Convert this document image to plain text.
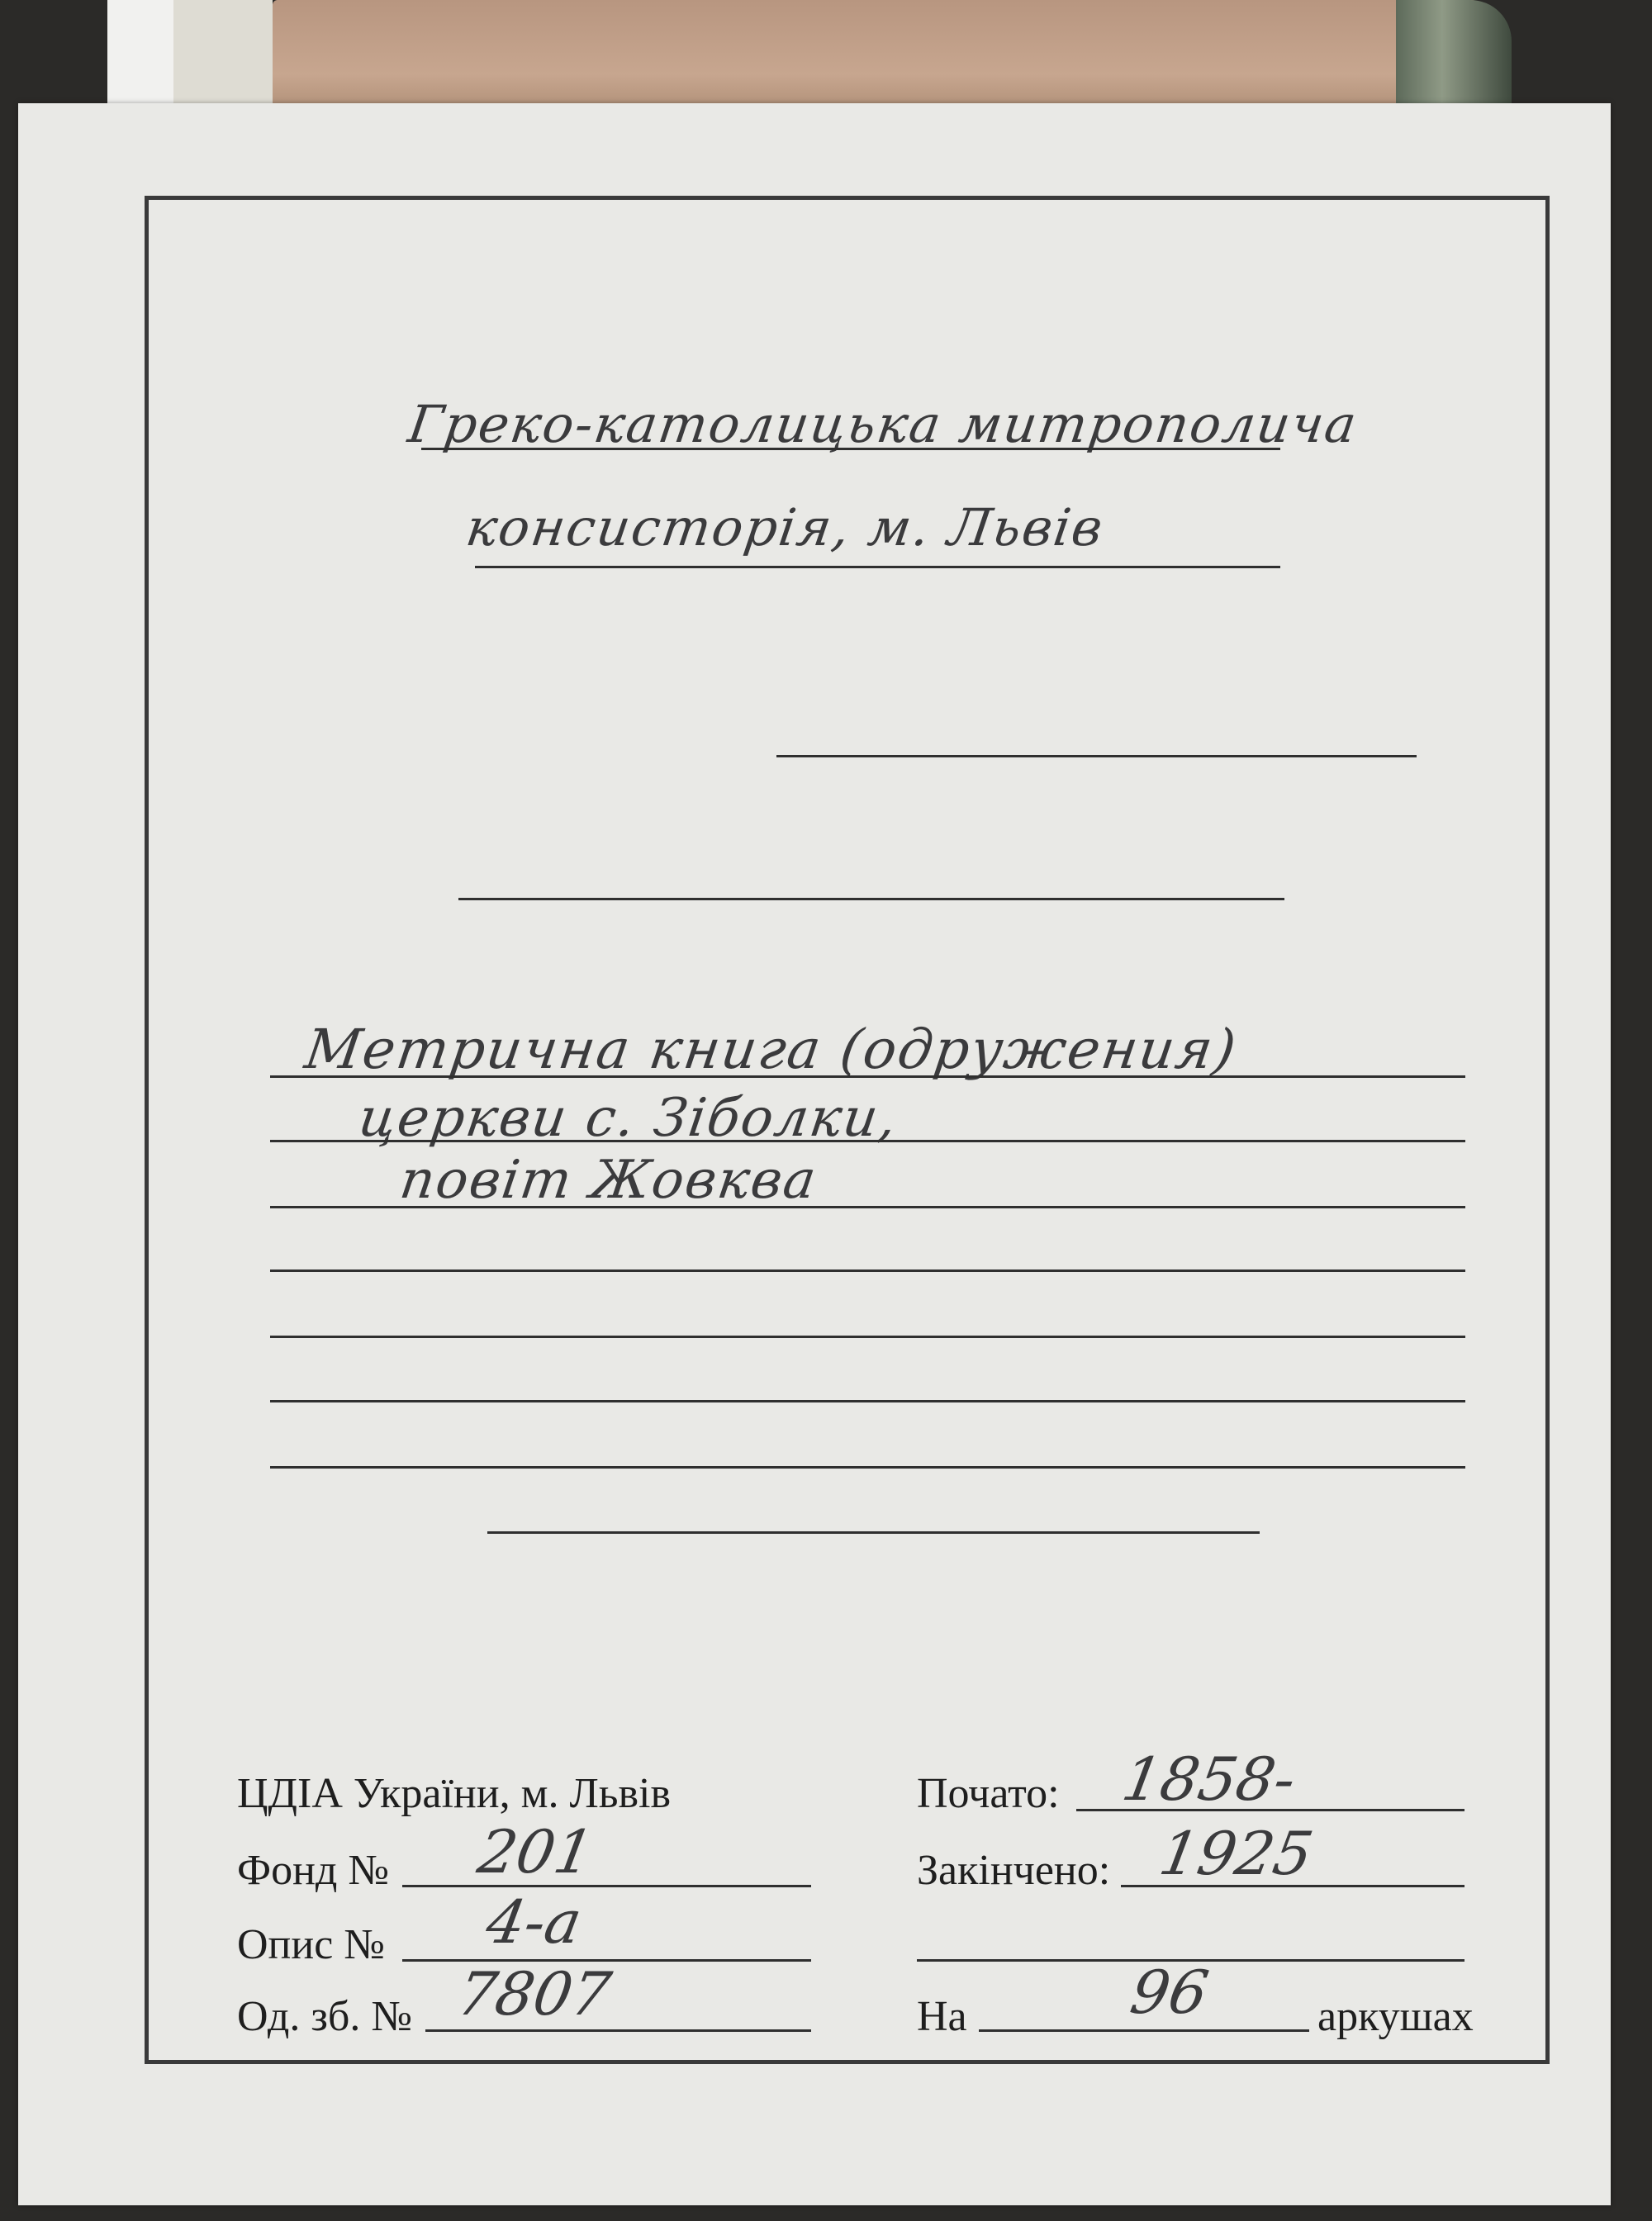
Греко-католицька митрополича
консисторія, м. Львів
Метрична книга (одружения)
церкви с. Зіболки,
повіт Жовква
ЦДІА України, м. Львів
Фонд № 201
Опис № 4-а
Од. зб. № 7807
Почато: 1858-
Закінчено: 1925
На	96 аркушах
